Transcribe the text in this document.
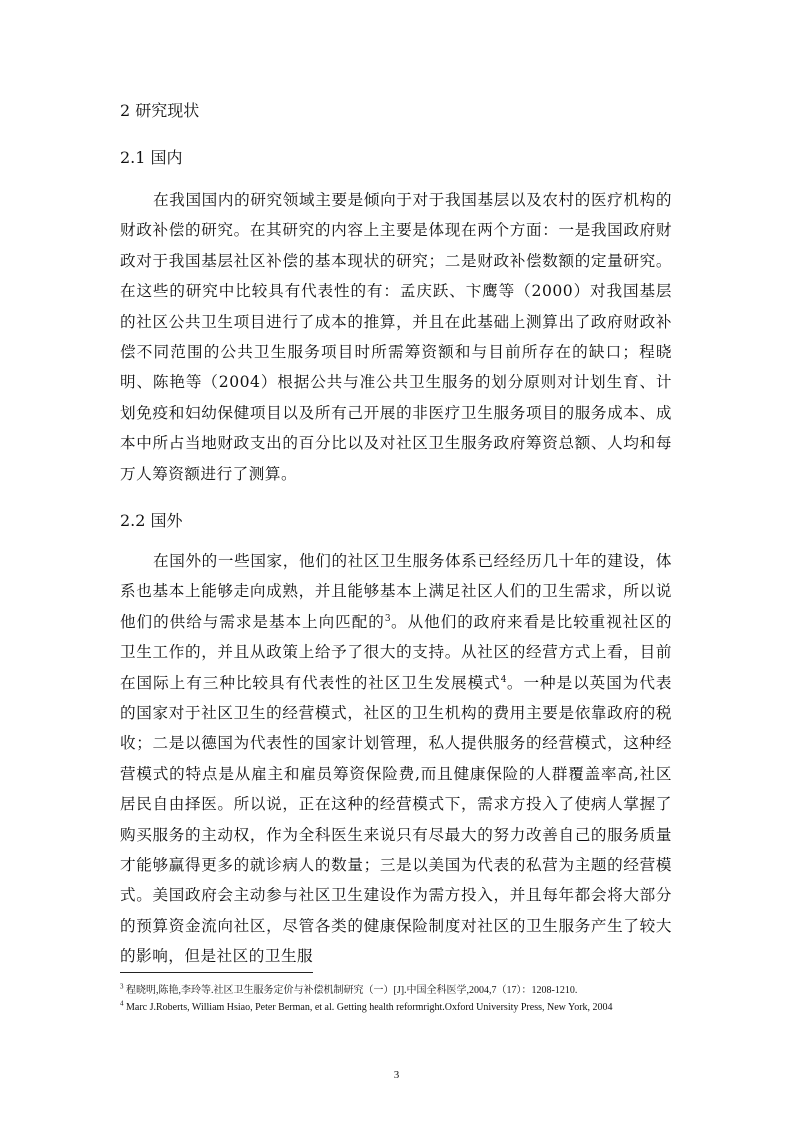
2 研究现状
2.1 国内

在我国国内的研究领域主要是倾向于对于我国基层以及农村的医疗机构的财政补偿的研究。在其研究的内容上主要是体现在两个方面：一是我国政府财政对于我国基层社区补偿的基本现状的研究；二是财政补偿数额的定量研究。在这些的研究中比较具有代表性的有：孟庆跃、卞鹰等（2000）对我国基层的社区公共卫生项目进行了成本的推算，并且在此基础上测算出了政府财政补偿不同范围的公共卫生服务项目时所需筹资额和与目前所存在的缺口；程晓明、陈艳等（2004）根据公共与准公共卫生服务的划分原则对计划生育、计划免疫和妇幼保健项目以及所有己开展的非医疗卫生服务项目的服务成本、成本中所占当地财政支出的百分比以及对社区卫生服务政府筹资总额、人均和每万人筹资额进行了测算。

2.2 国外

在国外的一些国家，他们的社区卫生服务体系已经经历几十年的建设，体系也基本上能够走向成熟，并且能够基本上满足社区人们的卫生需求，所以说他们的供给与需求是基本上向匹配的$^3$。从他们的政府来看是比较重视社区的卫生工作的，并且从政策上给予了很大的支持。从社区的经营方式上看，目前在国际上有三种比较具有代表性的社区卫生发展模式$^4$。一种是以英国为代表的国家对于社区卫生的经营模式，社区的卫生机构的费用主要是依靠政府的税收；二是以德国为代表性的国家计划管理，私人提供服务的经营模式，这种经营模式的特点是从雇主和雇员筹资保险费,而且健康保险的人群覆盖率高,社区居民自由择医。所以说，正在这种的经营模式下，需求方投入了使病人掌握了购买服务的主动权，作为全科医生来说只有尽最大的努力改善自己的服务质量才能够赢得更多的就诊病人的数量；三是以美国为代表的私营为主题的经营模式。美国政府会主动参与社区卫生建设作为需方投入，并且每年都会将大部分的预算资金流向社区，尽管各类的健康保险制度对社区的卫生服务产生了较大的影响，但是社区的卫生服

$^3$ 程晓明,陈艳,李玲等.社区卫生服务定价与补偿机制研究（一）[J].中国全科医学,2004,7（17）：1208-1210.

$^4$ Marc J.Roberts, William Hsiao, Peter Berman, et al. Getting health reformright.Oxford University Press, New York, 2004

3
